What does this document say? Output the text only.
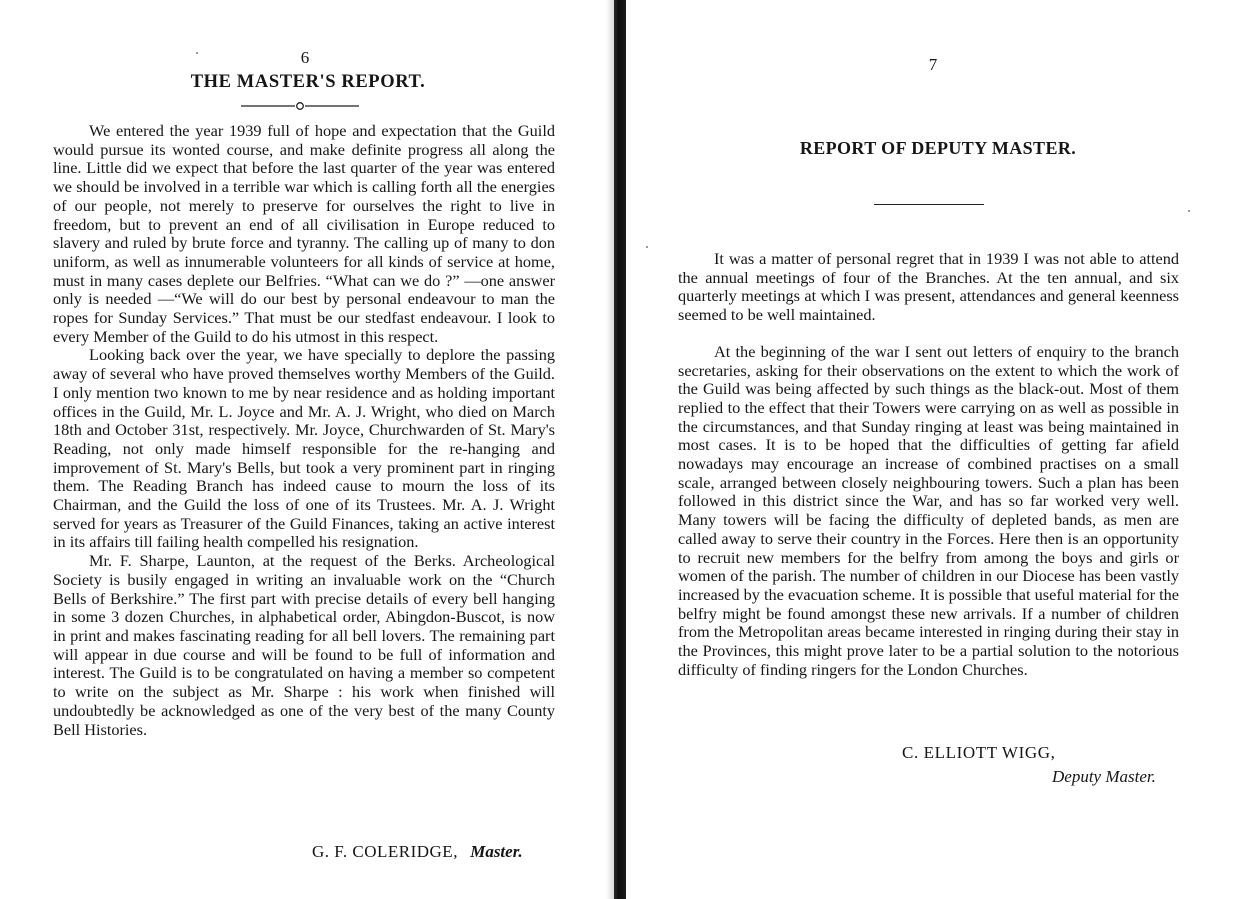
6
THE MASTER'S REPORT.

We entered the year 1939 full of hope and expectation that the Guild would pursue its wonted course, and make definite progress all along the line. Little did we expect that before the last quarter of the year was entered we should be involved in a terrible war which is calling forth all the energies of our people, not merely to preserve for ourselves the right to live in freedom, but to prevent an end of all civilisation in Europe reduced to slavery and ruled by brute force and tyranny. The calling up of many to don uniform, as well as innumerable volunteers for all kinds of service at home, must in many cases deplete our Belfries. “What can we do ?” —one answer only is needed —“We will do our best by personal endeavour to man the ropes for Sunday Services.” That must be our stedfast endeavour. I look to every Member of the Guild to do his utmost in this respect.

Looking back over the year, we have specially to deplore the passing away of several who have proved themselves worthy Members of the Guild. I only mention two known to me by near residence and as holding important offices in the Guild, Mr. L. Joyce and Mr. A. J. Wright, who died on March 18th and October 31st, respectively. Mr. Joyce, Churchwarden of St. Mary's Reading, not only made himself responsible for the re-hanging and improvement of St. Mary's Bells, but took a very prominent part in ringing them. The Reading Branch has indeed cause to mourn the loss of its Chairman, and the Guild the loss of one of its Trustees. Mr. A. J. Wright served for years as Treasurer of the Guild Finances, taking an active interest in its affairs till failing health compelled his resignation.

Mr. F. Sharpe, Launton, at the request of the Berks. Archeological Society is busily engaged in writing an invaluable work on the “Church Bells of Berkshire.” The first part with precise details of every bell hanging in some 3 dozen Churches, in alphabetical order, Abingdon-Buscot, is now in print and makes fascinating reading for all bell lovers. The remaining part will appear in due course and will be found to be full of information and interest. The Guild is to be congratulated on having a member so competent to write on the subject as Mr. Sharpe : his work when finished will undoubtedly be acknowledged as one of the very best of the many County Bell Histories.

G. F. COLERIDGE, Master.
7
REPORT OF DEPUTY MASTER.

It was a matter of personal regret that in 1939 I was not able to attend the annual meetings of four of the Branches. At the ten annual, and six quarterly meetings at which I was present, attendances and general keenness seemed to be well maintained.

At the beginning of the war I sent out letters of enquiry to the branch secretaries, asking for their observations on the extent to which the work of the Guild was being affected by such things as the black-out. Most of them replied to the effect that their Towers were carrying on as well as possible in the circumstances, and that Sunday ringing at least was being maintained in most cases. It is to be hoped that the difficulties of getting far afield nowadays may encourage an increase of combined practises on a small scale, arranged between closely neighbouring towers. Such a plan has been followed in this district since the War, and has so far worked very well. Many towers will be facing the difficulty of depleted bands, as men are called away to serve their country in the Forces. Here then is an opportunity to recruit new members for the belfry from among the boys and girls or women of the parish. The number of children in our Diocese has been vastly increased by the evacuation scheme. It is possible that useful material for the belfry might be found amongst these new arrivals. If a number of children from the Metropolitan areas became interested in ringing during their stay in the Provinces, this might prove later to be a partial solution to the notorious difficulty of finding ringers for the London Churches.

C. ELLIOTT WIGG,
Deputy Master.
